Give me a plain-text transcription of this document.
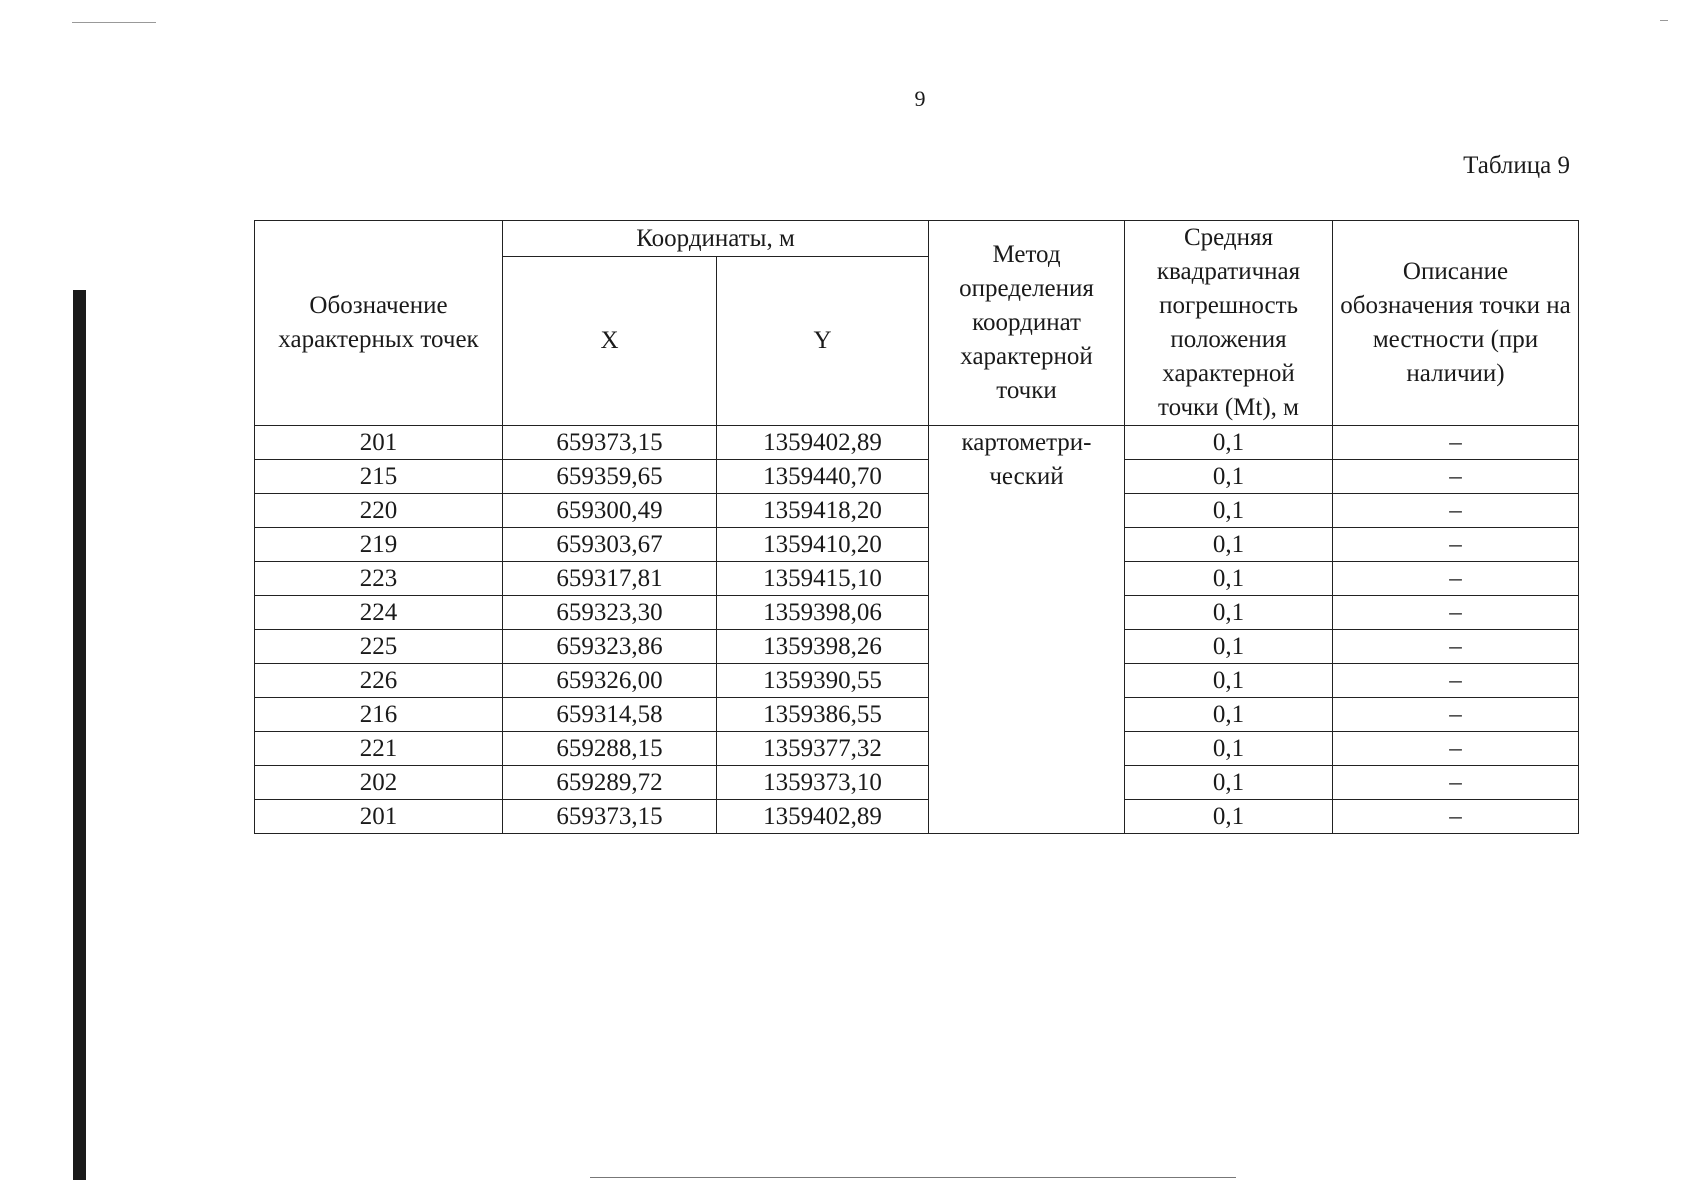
9
Таблица 9
Обозначение характерных точек	Координаты, м		Метод определения координат характерной точки	Средняя квадратичная погрешность положения характерной точки (Mt), м	Описание обозначения точки на местности (при наличии)
	X	Y			
201	659373,15	1359402,89	картометри-ческий	0,1	–
215	659359,65	1359440,70		0,1	–
220	659300,49	1359418,20		0,1	–
219	659303,67	1359410,20		0,1	–
223	659317,81	1359415,10		0,1	–
224	659323,30	1359398,06		0,1	–
225	659323,86	1359398,26		0,1	–
226	659326,00	1359390,55		0,1	–
216	659314,58	1359386,55		0,1	–
221	659288,15	1359377,32		0,1	–
202	659289,72	1359373,10		0,1	–
201	659373,15	1359402,89		0,1	–
